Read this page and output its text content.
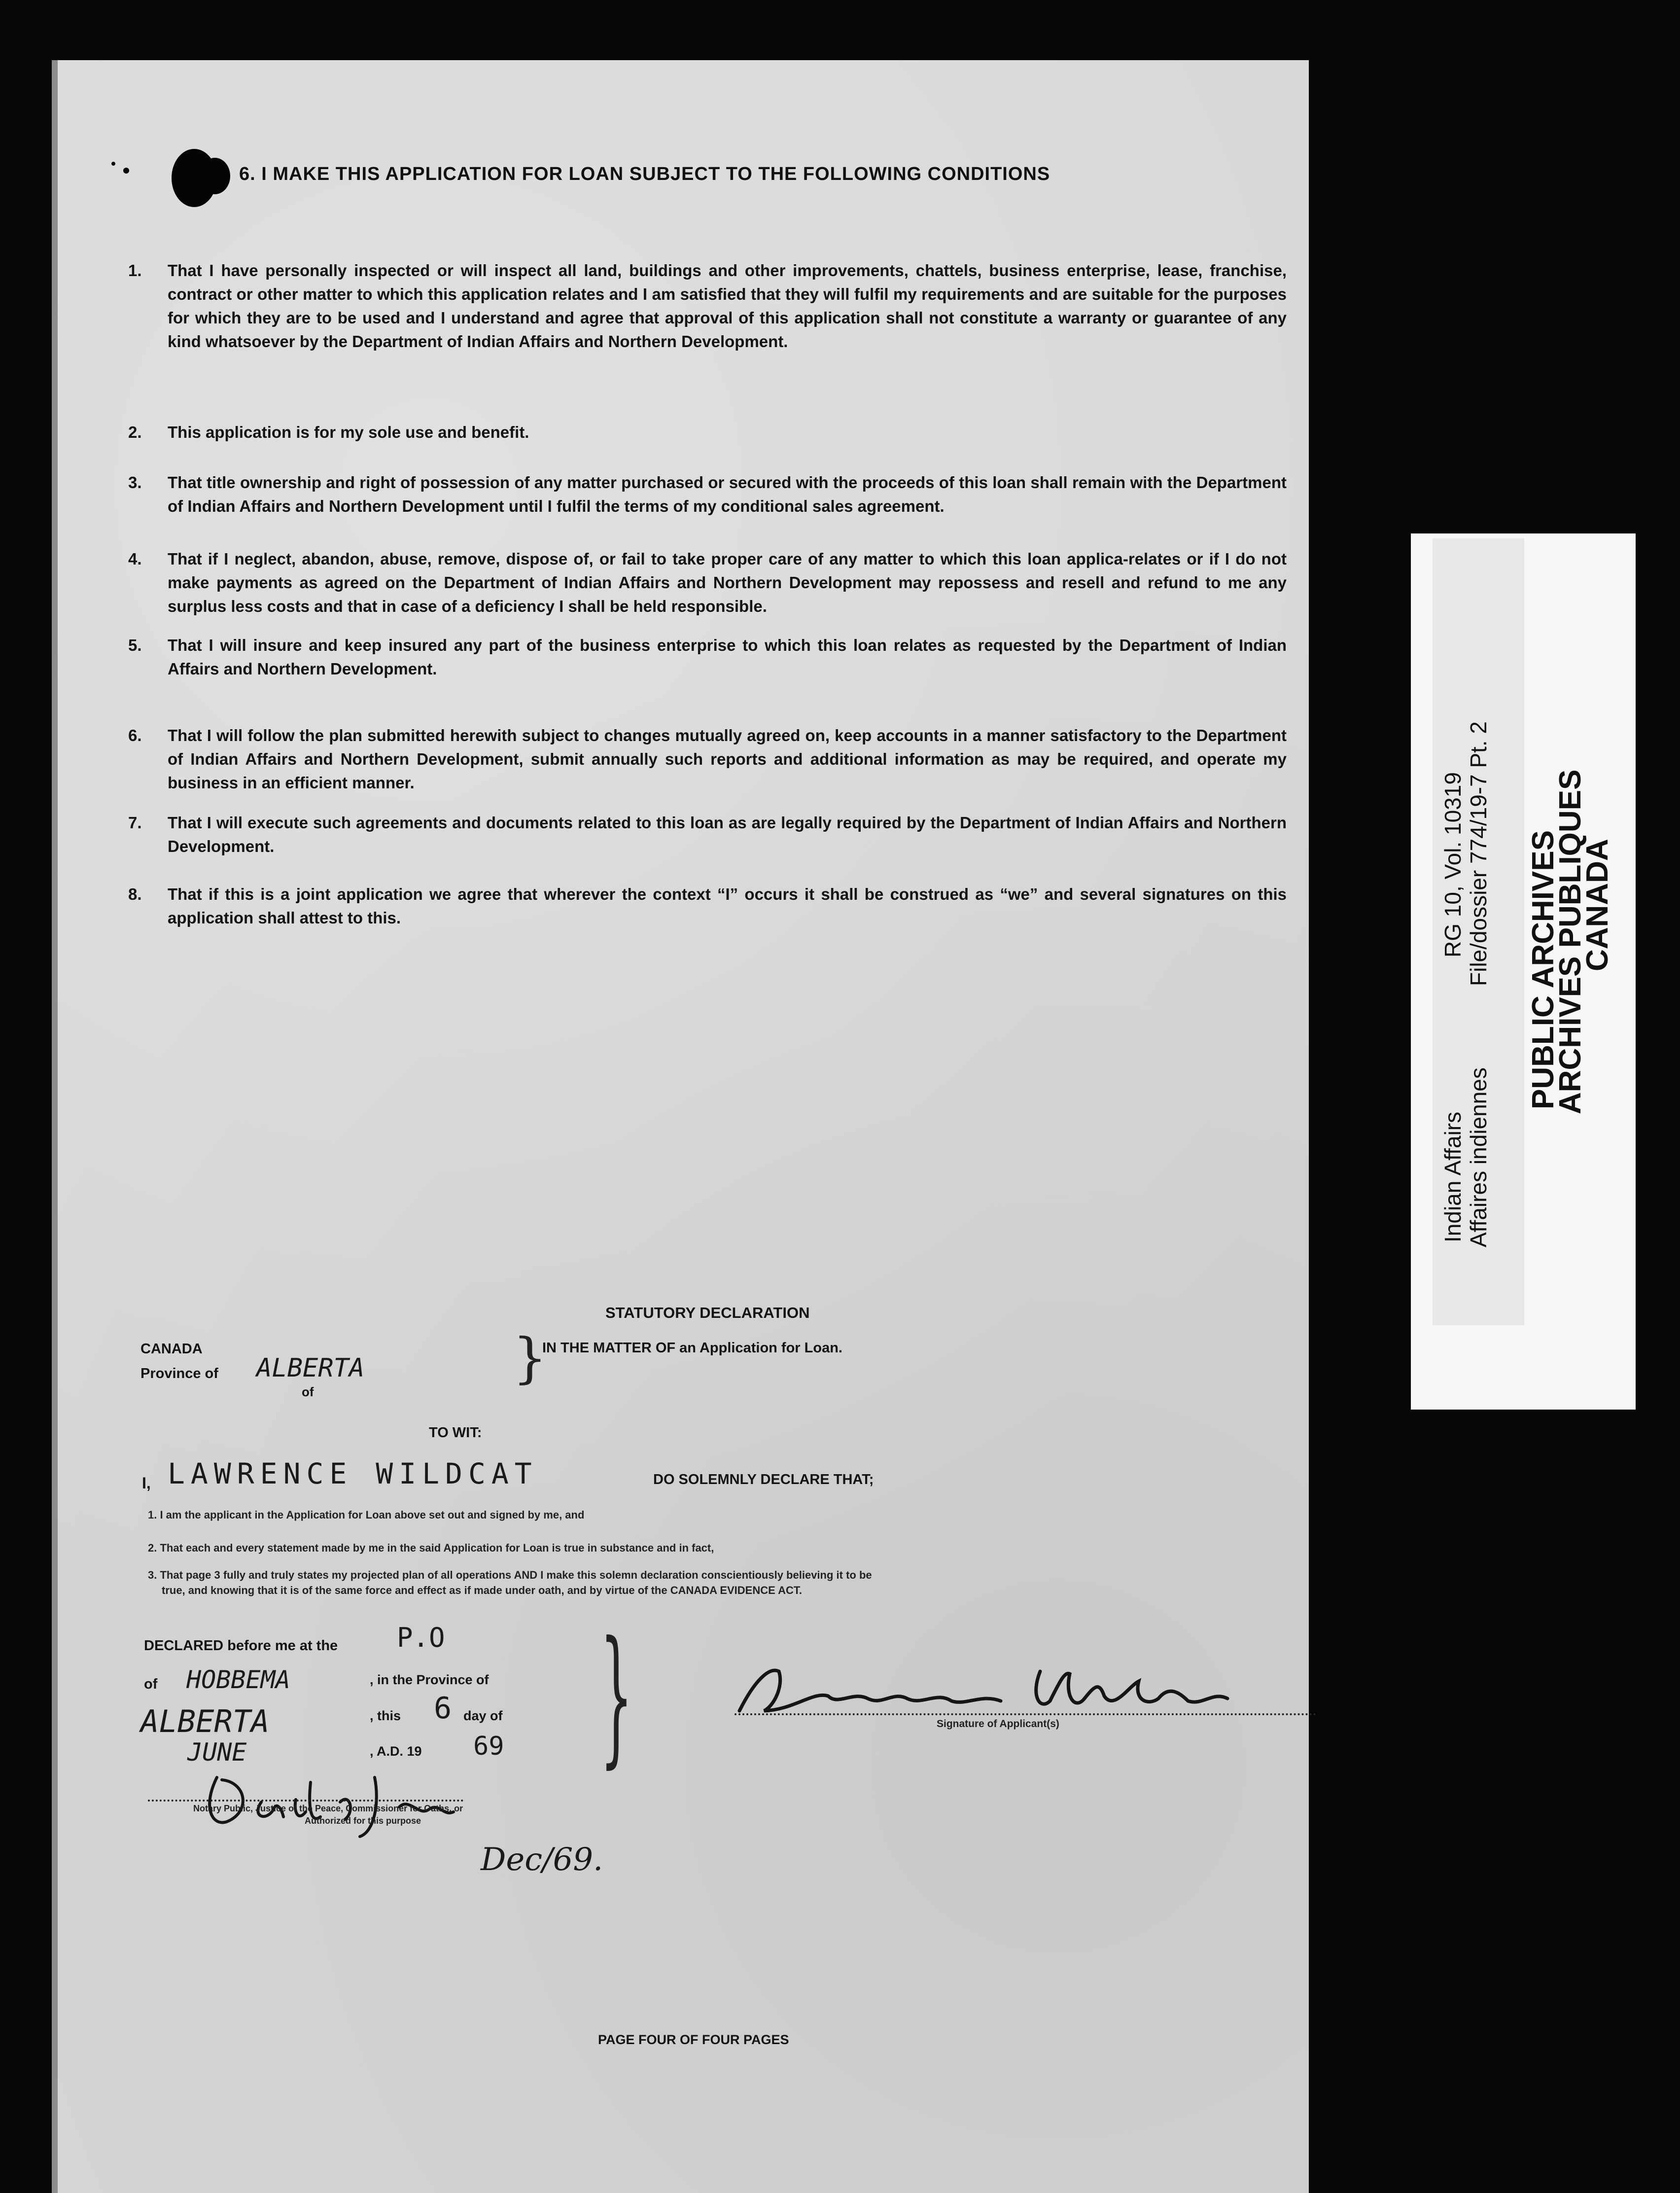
6. I MAKE THIS APPLICATION FOR LOAN SUBJECT TO THE FOLLOWING CONDITIONS
1. That I have personally inspected or will inspect all land, buildings and other improvements, chattels, business enterprise, lease, franchise, contract or other matter to which this application relates and I am satisfied that they will fulfil my requirements and are suitable for the purposes for which they are to be used and I understand and agree that approval of this application shall not constitute a warranty or guarantee of any kind whatsoever by the Department of Indian Affairs and Northern Development.
2. This application is for my sole use and benefit.
3. That title ownership and right of possession of any matter purchased or secured with the proceeds of this loan shall remain with the Department of Indian Affairs and Northern Development until I fulfil the terms of my conditional sales agreement.
4. That if I neglect, abandon, abuse, remove, dispose of, or fail to take proper care of any matter to which this loan applica-relates or if I do not make payments as agreed on the Department of Indian Affairs and Northern Development may repossess and resell and refund to me any surplus less costs and that in case of a deficiency I shall be held responsible.
5. That I will insure and keep insured any part of the business enterprise to which this loan relates as requested by the Department of Indian Affairs and Northern Development.
6. That I will follow the plan submitted herewith subject to changes mutually agreed on, keep accounts in a manner satisfactory to the Department of Indian Affairs and Northern Development, submit annually such reports and additional information as may be required, and operate my business in an efficient manner.
7. That I will execute such agreements and documents related to this loan as are legally required by the Department of Indian Affairs and Northern Development.
8. That if this is a joint application we agree that wherever the context “I” occurs it shall be construed as “we” and several signatures on this application shall attest to this.
STATUTORY DECLARATION
CANADA
Province of ALBERTA
of
}
IN THE MATTER OF an Application for Loan.
TO WIT:
I, LAWRENCE WILDCAT	DO SOLEMNLY DECLARE THAT;
1. I am the applicant in the Application for Loan above set out and signed by me, and
2. That each and every statement made by me in the said Application for Loan is true in substance and in fact,
3. That page 3 fully and truly states my projected plan of all operations AND I make this solemn declaration conscientiously believing it to be
true, and knowing that it is of the same force and effect as if made under oath, and by virtue of the CANADA EVIDENCE ACT.
DECLARED before me at the P.O
of HOBBEMA	, in the Province of
ALBERTA	, this 6 day of
JUNE	, A.D. 19 69 }	Signature of Applicant(s)
Notary Public, Justice of the Peace, Commissioner for Oaths, or
Authorized for this purpose
Dec/69.
PAGE FOUR OF FOUR PAGES
Indian Affairs Affaires indiennes
RG 10, Vol. 10319 File/dossier 774/19-7 Pt. 2 PUBLIC ARCHIVES
ARCHIVES PUBLIQUES
CANADA
